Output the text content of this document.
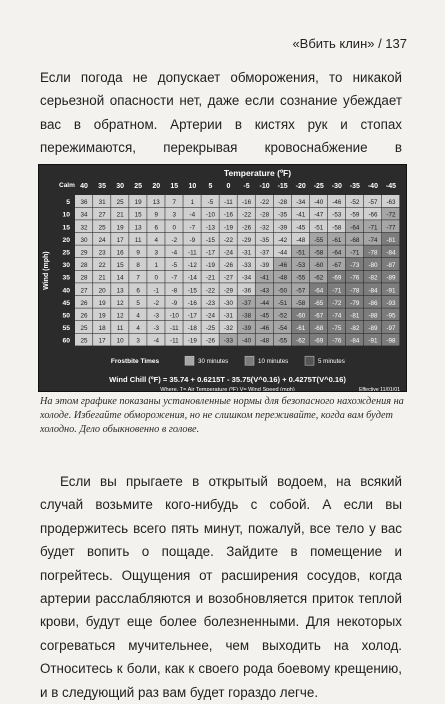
«Вбить клин» / 137
Если погода не допускает обморожения, то никакой серьезной опасности нет, даже если сознание убеждает вас в обратном. Артерии в кистях рук и стопах пережимаются, перекрывая кровоснабжение в
Temperature (ºF)
Calm 40 35 30 25 20 15 10 5 0 -5 -10 -15 -20 -25 -30 -35 -40 -45
Wind (mph)
5 36 31 25 19 13 7 1 -5 -11 -16 -22 -28 -34 -40 -46 -52 -57 -63
10 34 27 21 15 9 3 -4 -10 -16 -22 -28 -35 -41 -47 -53 -59 -66 -72
15 32 25 19 13 6 0 -7 -13 -19 -26 -32 -39 -45 -51 -58 -64 -71 -77
20 30 24 17 11 4 -2 -9 -15 -22 -29 -35 -42 -48 -55 -61 -68 -74 -81
25 29 23 16 9 3 -4 -11 -17 -24 -31 -37 -44 -51 -58 -64 -71 -78 -84
30 28 22 15 8 1 -5 -12 -19 -26 -33 -39 -46 -53 -60 -67 -73 -80 -87
35 28 21 14 7 0 -7 -14 -21 -27 -34 -41 -48 -55 -62 -69 -76 -82 -89
40 27 20 13 6 -1 -8 -15 -22 -29 -36 -43 -50 -57 -64 -71 -78 -84 -91
45 26 19 12 5 -2 -9 -16 -23 -30 -37 -44 -51 -58 -65 -72 -79 -86 -93
50 26 19 12 4 -3 -10 -17 -24 -31 -38 -45 -52 -60 -67 -74 -81 -88 -95
55 25 18 11 4 -3 -11 -18 -25 -32 -39 -46 -54 -61 -68 -75 -82 -89 -97
60 25 17 10 3 -4 -11 -19 -26 -33 -40 -48 -55 -62 -69 -76 -84 -91 -98
Frostbite Times	30 minutes	10 minutes	5 minutes
Wind Chill (ºF) = 35.74 + 0.6215T - 35.75(V^0.16) + 0.4275T(V^0.16)
Where, T= Air Temperature (ºF) V= Wind Speed (mph)	Effective 11/01/01
На этом графике показаны установленные нормы для безопасного нахождения на холоде. Избегайте обморожения, но не слишком переживайте, когда вам будет холодно. Дело обыкновенно в голове.
Если вы прыгаете в открытый водоем, на всякий случай возьмите кого-нибудь с собой. А если вы продержитесь всего пять минут, пожалуй, все тело у вас будет вопить о пощаде. Зайдите в помещение и погрейтесь. Ощущения от расширения сосудов, когда артерии расслабляются и возобновляется приток теплой крови, будут еще более болезненными. Для некоторых согреваться мучительнее, чем выходить на холод. Относитесь к боли, как к своего рода боевому крещению, и в следующий раз вам будет гораздо легче.
